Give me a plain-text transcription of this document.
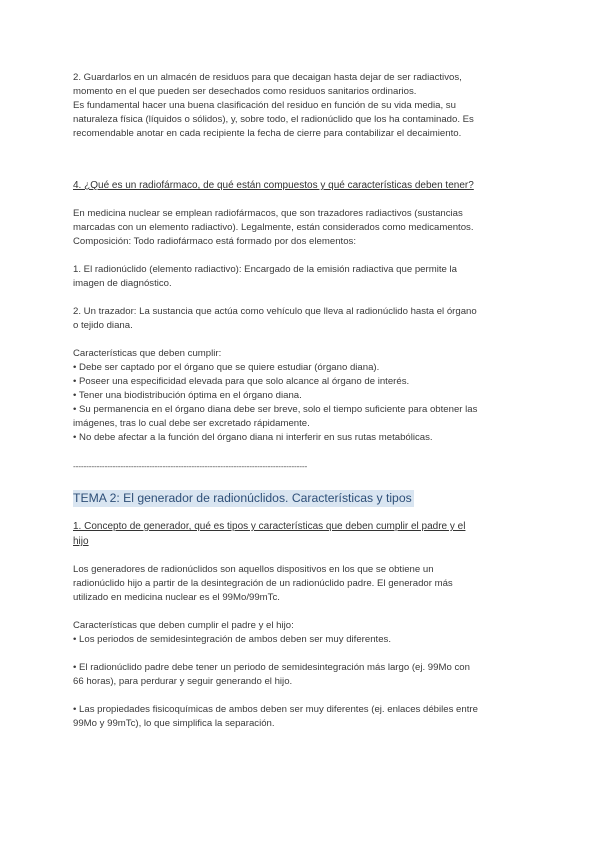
2. Guardarlos en un almacén de residuos para que decaigan hasta dejar de ser radiactivos,
momento en el que pueden ser desechados como residuos sanitarios ordinarios.
Es fundamental hacer una buena clasificación del residuo en función de su vida media, su
naturaleza física (líquidos o sólidos), y, sobre todo, el radionúclido que los ha contaminado. Es
recomendable anotar en cada recipiente la fecha de cierre para contabilizar el decaimiento.

4. ¿Qué es un radiofármaco, de qué están compuestos y qué características deben tener?

En medicina nuclear se emplean radiofármacos, que son trazadores radiactivos (sustancias
marcadas con un elemento radiactivo). Legalmente, están considerados como medicamentos.
Composición: Todo radiofármaco está formado por dos elementos:

1. El radionúclido (elemento radiactivo): Encargado de la emisión radiactiva que permite la
imagen de diagnóstico.

2. Un trazador: La sustancia que actúa como vehículo que lleva al radionúclido hasta el órgano
o tejido diana.

Características que deben cumplir:
• Debe ser captado por el órgano que se quiere estudiar (órgano diana).
• Poseer una especificidad elevada para que solo alcance al órgano de interés.
• Tener una biodistribución óptima en el órgano diana.
• Su permanencia en el órgano diana debe ser breve, solo el tiempo suficiente para obtener las
imágenes, tras lo cual debe ser excretado rápidamente.
• No debe afectar a la función del órgano diana ni interferir en sus rutas metabólicas.

-----------------------------------------------------------------------------------------

TEMA 2: El generador de radionúclidos. Características y tipos

1. Concepto de generador, qué es tipos y características que deben cumplir el padre y el
hijo

Los generadores de radionúclidos son aquellos dispositivos en los que se obtiene un
radionúclido hijo a partir de la desintegración de un radionúclido padre. El generador más
utilizado en medicina nuclear es el 99Mo/99mTc.

Características que deben cumplir el padre y el hijo:
• Los periodos de semidesintegración de ambos deben ser muy diferentes.

• El radionúclido padre debe tener un periodo de semidesintegración más largo (ej. 99Mo con
66 horas), para perdurar y seguir generando el hijo.

• Las propiedades fisicoquímicas de ambos deben ser muy diferentes (ej. enlaces débiles entre
99Mo y 99mTc), lo que simplifica la separación.
